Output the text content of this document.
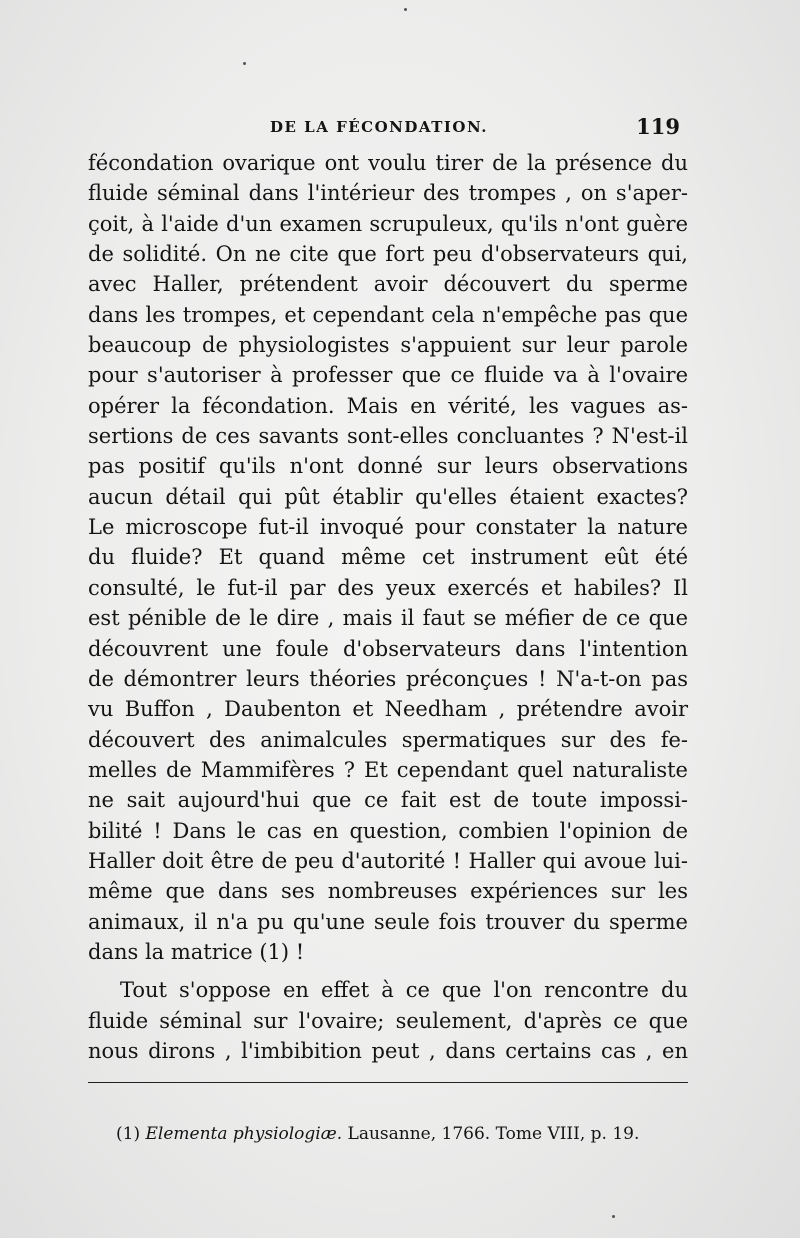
DE LA FÉCONDATION.	119
fécondation ovarique ont voulu tirer de la présence du
fluide séminal dans l'intérieur des trompes , on s'aper-
çoit, à l'aide d'un examen scrupuleux, qu'ils n'ont guère
de solidité. On ne cite que fort peu d'observateurs qui,
avec Haller, prétendent avoir découvert du sperme
dans les trompes, et cependant cela n'empêche pas que
beaucoup de physiologistes s'appuient sur leur parole
pour s'autoriser à professer que ce fluide va à l'ovaire
opérer la fécondation. Mais en vérité, les vagues as-
sertions de ces savants sont-elles concluantes ? N'est-il
pas positif qu'ils n'ont donné sur leurs observations
aucun détail qui pût établir qu'elles étaient exactes?
Le microscope fut-il invoqué pour constater la nature
du fluide? Et quand même cet instrument eût été
consulté, le fut-il par des yeux exercés et habiles? Il
est pénible de le dire , mais il faut se méfier de ce que
découvrent une foule d'observateurs dans l'intention
de démontrer leurs théories préconçues ! N'a-t-on pas
vu Buffon , Daubenton et Needham , prétendre avoir
découvert des animalcules spermatiques sur des fe-
melles de Mammifères ? Et cependant quel naturaliste
ne sait aujourd'hui que ce fait est de toute impossi-
bilité ! Dans le cas en question, combien l'opinion de
Haller doit être de peu d'autorité ! Haller qui avoue lui-
même que dans ses nombreuses expériences sur les
animaux, il n'a pu qu'une seule fois trouver du sperme
dans la matrice (1) !
Tout s'oppose en effet à ce que l'on rencontre du
fluide séminal sur l'ovaire; seulement, d'après ce que
nous dirons , l'imbibition peut , dans certains cas , en
(1) Elementa physiologiæ. Lausanne, 1766. Tome VIII, p. 19.
